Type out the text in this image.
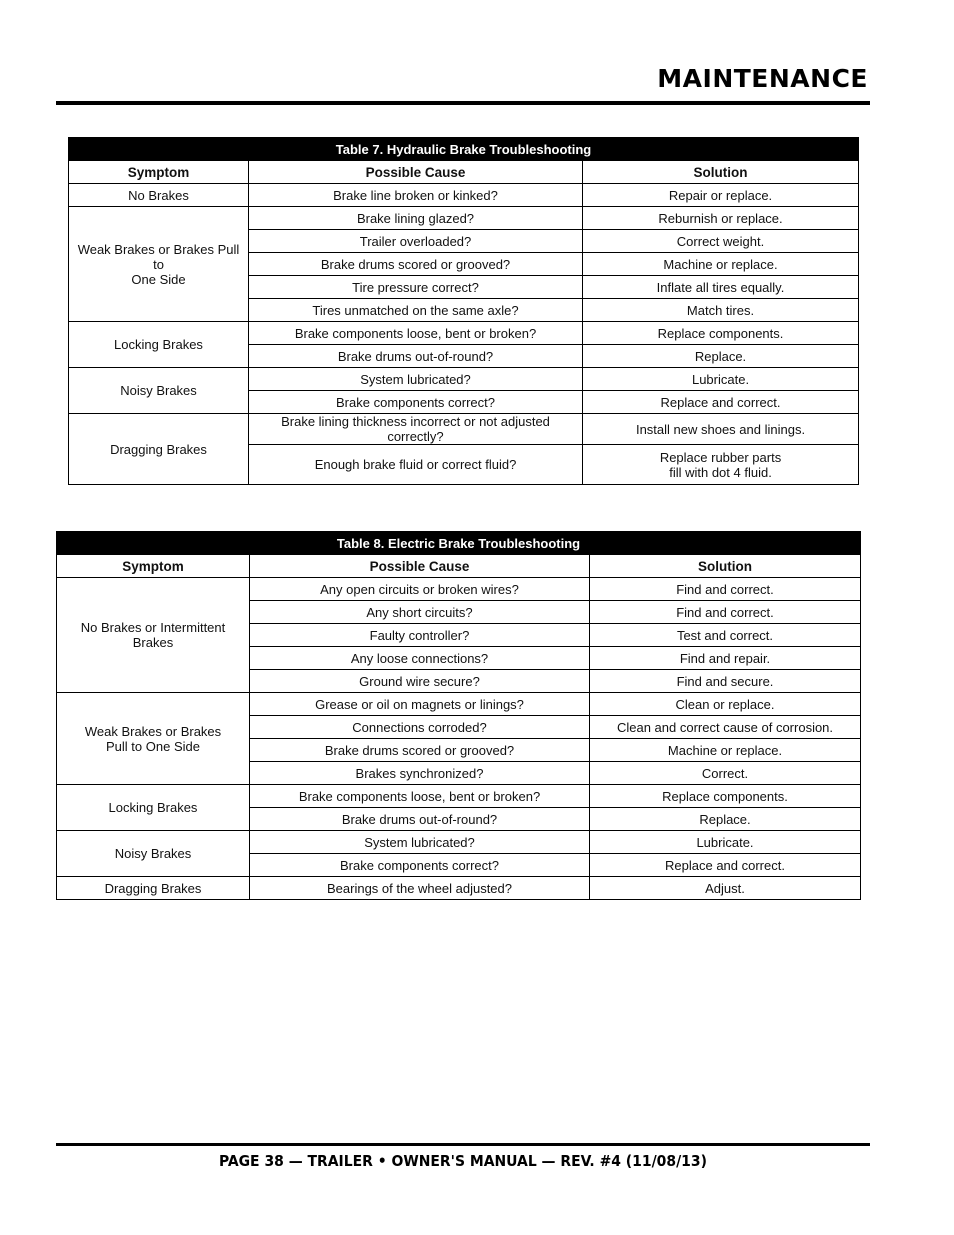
MAINTENANCE
Table 7. Hydraulic Brake Troubleshooting		
Symptom	Possible Cause	Solution
No Brakes	Brake line broken or kinked?	Repair or replace.
Weak Brakes or Brakes Pull
to
One Side	Brake lining glazed?	Reburnish or replace.
	Trailer overloaded?	Correct weight.
	Brake drums scored or grooved?	Machine or replace.
	Tire pressure correct?	Inflate all tires equally.
	Tires unmatched on the same axle?	Match tires.
Locking Brakes	Brake components loose, bent or broken?	Replace components.
	Brake drums out-of-round?	Replace.
Noisy Brakes	System lubricated?	Lubricate.
	Brake components correct?	Replace and correct.
Dragging Brakes	Brake lining thickness incorrect or not adjusted correctly?	Install new shoes and linings.
	Enough brake fluid or correct fluid?	Replace rubber parts
fill with dot 4 fluid.
Table 8. Electric Brake Troubleshooting		
Symptom	Possible Cause	Solution
No Brakes or Intermittent
Brakes	Any open circuits or broken wires?	Find and correct.
	Any short circuits?	Find and correct.
	Faulty controller?	Test and correct.
	Any loose connections?	Find and repair.
	Ground wire secure?	Find and secure.
Weak Brakes or Brakes
Pull to One Side	Grease or oil on magnets or linings?	Clean or replace.
	Connections corroded?	Clean and correct cause of corrosion.
	Brake drums scored or grooved?	Machine or replace.
	Brakes synchronized?	Correct.
Locking Brakes	Brake components loose, bent or broken?	Replace components.
	Brake drums out-of-round?	Replace.
Noisy Brakes	System lubricated?	Lubricate.
	Brake components correct?	Replace and correct.
Dragging Brakes	Bearings of the wheel adjusted?	Adjust.
PAGE 38 — TRAILER • OWNER'S MANUAL — REV. #4 (11/08/13)
